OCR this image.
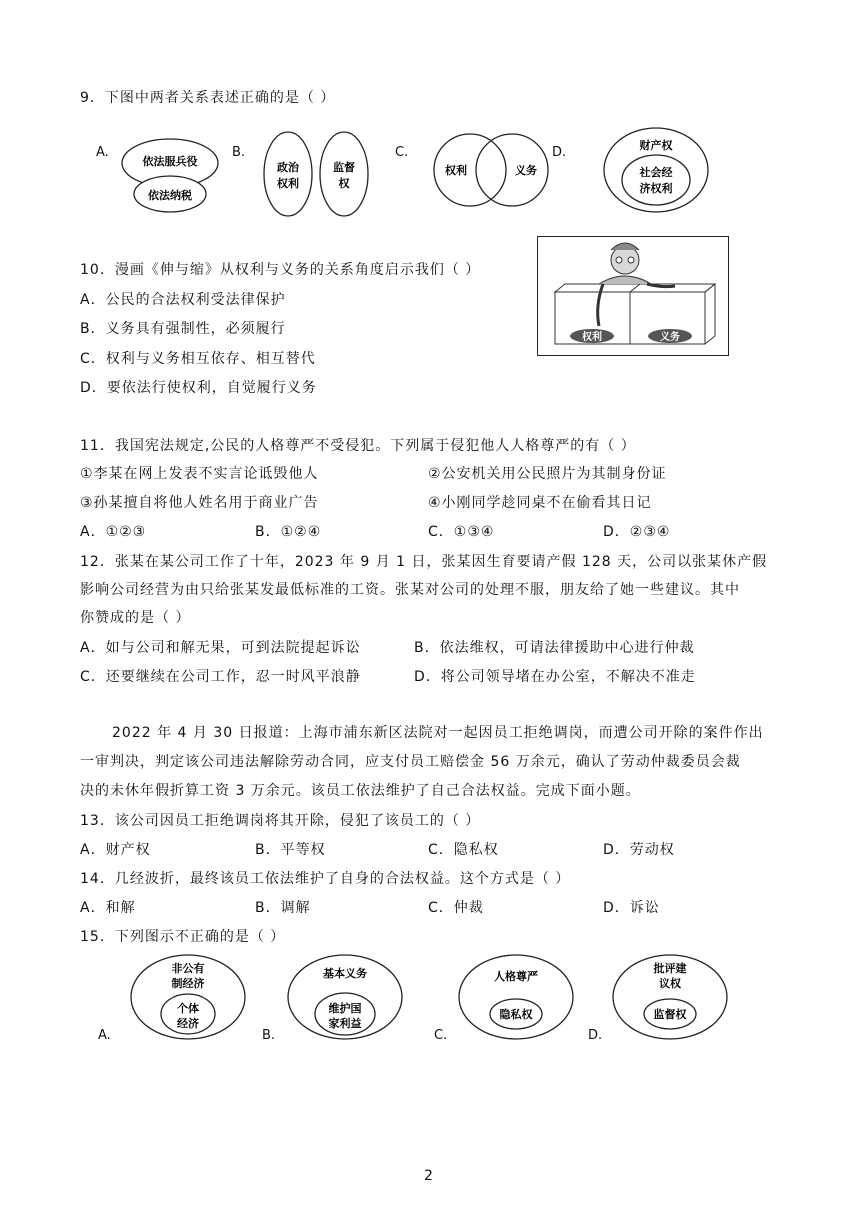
9．下图中两者关系表述正确的是（ ）
A.
依法服兵役
依法纳税
B.
政治
权利
监督
权
C.
权利	义务
D.	财产权
社会经
济权利
10．漫画《伸与缩》从权利与义务的关系角度启示我们（ ）
A．公民的合法权利受法律保护
B．义务具有强制性，必须履行
C．权利与义务相互依存、相互替代
D．要依法行使权利，自觉履行义务
权利	义务
11．我国宪法规定,公民的人格尊严不受侵犯。下列属于侵犯他人人格尊严的有（ ）
①李某在网上发表不实言论诋毁他人	②公安机关用公民照片为其制身份证
③孙某擅自将他人姓名用于商业广告	④小刚同学趁同桌不在偷看其日记
A．①②③	B．①②④	C．①③④	D．②③④
12．张某在某公司工作了十年，2023 年 9 月 1 日，张某因生育要请产假 128 天，公司以张某休产假
影响公司经营为由只给张某发最低标准的工资。张某对公司的处理不服，朋友给了她一些建议。其中
你赞成的是（ ）
A．如与公司和解无果，可到法院提起诉讼	B．依法维权，可请法律援助中心进行仲裁
C．还要继续在公司工作，忍一时风平浪静	D．将公司领导堵在办公室，不解决不准走
2022 年 4 月 30 日报道：上海市浦东新区法院对一起因员工拒绝调岗，而遭公司开除的案件作出
一审判决，判定该公司违法解除劳动合同，应支付员工赔偿金 56 万余元，确认了劳动仲裁委员会裁
决的未休年假折算工资 3 万余元。该员工依法维护了自己合法权益。完成下面小题。
13．该公司因员工拒绝调岗将其开除，侵犯了该员工的（ ）
A．财产权	B．平等权	C．隐私权	D．劳动权
14．几经波折，最终该员工依法维护了自身的合法权益。这个方式是（ ）
A．和解	B．调解	C．仲裁	D．诉讼
15．下列图示不正确的是（ ）
非公有
制经济
个体
经济
A.
基本义务
维护国
家利益
B.
人格尊严
隐私权
C.
批评建
议权
监督权
D.
2
